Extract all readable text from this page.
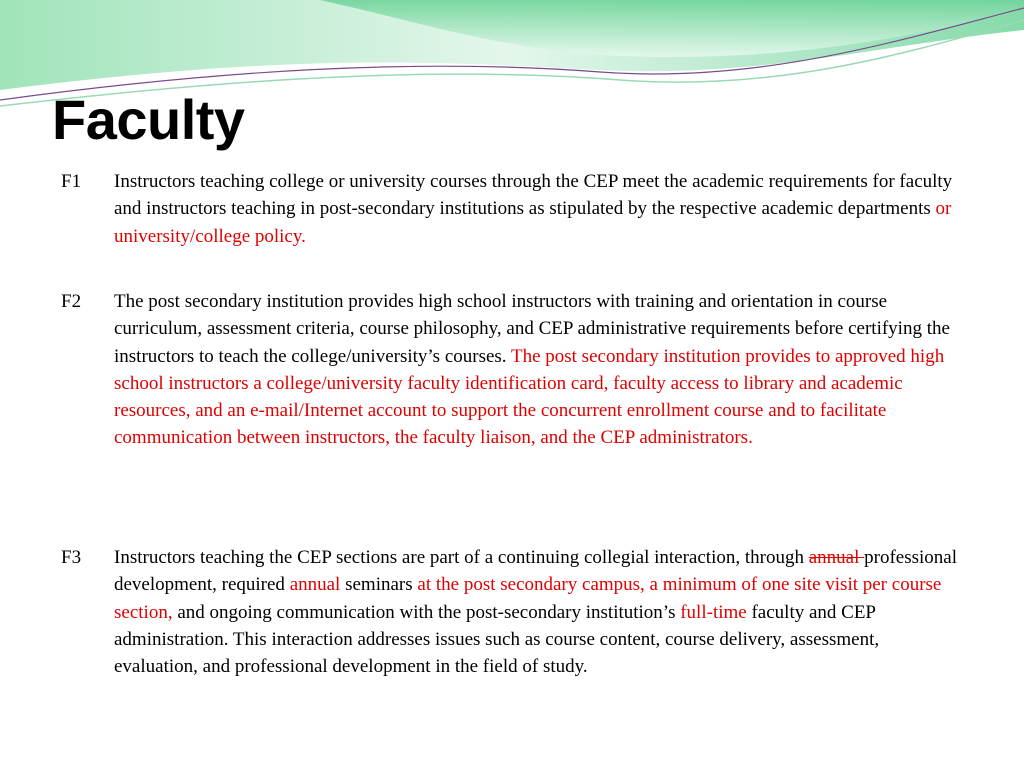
Faculty
F1 Instructors teaching college or university courses through the CEP meet the academic requirements for faculty and instructors teaching in post-secondary institutions as stipulated by the respective academic departments or university/college policy.
F2 The post secondary institution provides high school instructors with training and orientation in course curriculum, assessment criteria, course philosophy, and CEP administrative requirements before certifying the instructors to teach the college/university’s courses. The post secondary institution provides to approved high school instructors a college/university faculty identification card, faculty access to library and academic resources, and an e-mail/Internet account to support the concurrent enrollment course and to facilitate communication between instructors, the faculty liaison, and the CEP administrators.
F3 Instructors teaching the CEP sections are part of a continuing collegial interaction, through annual professional development, required annual seminars at the post secondary campus, a minimum of one site visit per course section, and ongoing communication with the post-secondary institution’s full-time faculty and CEP administration. This interaction addresses issues such as course content, course delivery, assessment, evaluation, and professional development in the field of study.
